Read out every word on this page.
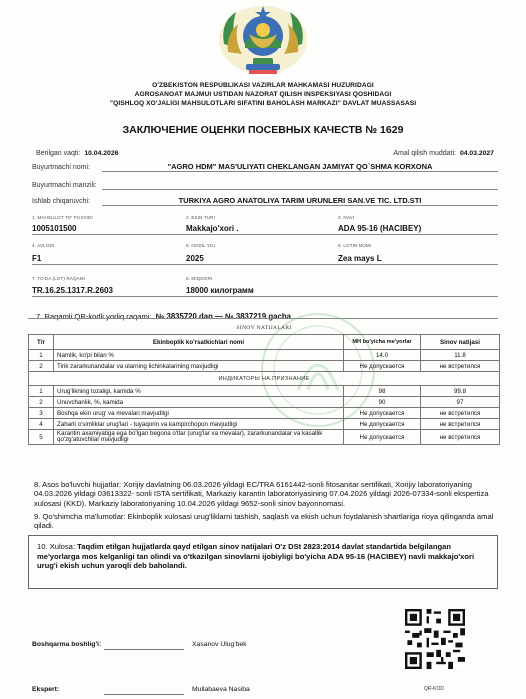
O'ZBEKISTON RESPUBLIKASI VAZIRLAR MAHKAMASI HUZURIDAGI
AGROSANOAT MAJMUI USTIDAN NAZORAT QILISH INSPEKSIYASI QOSHIDAGI
"QISHLOQ XO'JALIGI MAHSULOTLARI SIFATINI BAHOLASH MARKAZI" DAVLAT MUASSASASI
ЗАКЛЮЧЕНИЕ ОЦЕНКИ ПОСЕВНЫХ КАЧЕСТВ № 1629
Berilgan vaqti: 10.04.2026	Amal qilish muddati: 04.03.2027
Buyurtmachi nomi:	"AGRO HDM" MAS'ULIYATI CHEKLANGAN JAMIYAT QO`SHMA KORXONA
Buyurtmachi manzili:
Ishlab chiqaruvchi:	TURKIYA AGRO ANATOLIYA TARIM URUNLERI SAN.VE TIC. LTD.STI
1. MAHSULOT TIF TN KODI
1005101500
2. EKIN TURI
Makkajo'xori .
3. NAVI
ADA 95-16 (HACIBEY)
4. AVLODI
F1
5. HOSIL YILI
2025
6. LOTIN NOMI
Zea mays L
7. TO'DA (LOT) RAQAMI
TR.16.25.1317.R.2603
8. MIQDORI
18000 килограмм
7. Raqamli QR-kodli yorliq raqami: № 3835720 dan — № 3837219 gacha
SINOV NATIJALARI
T/r	Ekinboplik ko'rsatkichlari nomi	MH bo'yicha me'yorlar	Sinov natijasi
1	Namlik, ko'pi bilan %	14.0	11.8
2	Tirik zararkunandalar va ularning lichinkalarining mavjudligi	Не допускается	не встретился
ИНДИКАТОРЫ НА ПРИЗНАНИЕ			
1	Urug'likning tozaligi, kamida %	98	99.8
2	Unuvchanlik, %, kamida	90	97
3	Boshqa ekin urug' va mevalari mavjudligi	Не допускается	не встретился
4	Zaharli o'simliklar urug'lari - tuyaqorin va kampirchopon mavjudligi	Не допускается	не встретился
5	Karantin axamiyatiga ega bo'lgan begona o'tlar (urug'lar va mevalar), zararkunandalar va kasallik qo'zg'atuvchilar mavjudligi	Не допускается	не встретился
8. Asos bo'luvchi hujjatlar: Xorijiy davlatning 06.03.2026 yildagi EC/TRA 6161442-sonli fitosanitar sertifikati, Xorijiy laboratoriyaning 04.03.2026 yildagi 03613322- sonli ISTA sertifikati, Markaziy karantin laboratoriyasining 07.04.2026 yildagi 2026-07334-sonli ekspertiza xulosasi (KKD). Markaziy laboratoriyaning 10.04.2026 yildagi 9652-sonli sinov bayonnomasi.
9. Qo'shimcha ma'lumotlar: Ekinboplik xulosasi urug'liklarni tashish, saqlash va ekish uchun foydalanish shartlariga rioya qilinganda amal qiladi.
10. Xulosa: Taqdim etilgan hujjatlarda qayd etilgan sinov natijalari O'z DSt 2823:2014 davlat standartida belgilangan me'yorlarga mos kelganligi tan olindi va o'tkazilgan sinovlarni ijobiyligi bo'yicha ADA 95-16 (HACIBEY) navli makkajo'xori urug'i ekish uchun yaroqli deb baholandi.
QR-KOD
Boshqarma boshlig'i:	Xasanov Ulug'bek
Ekspert:	Mullabaeva Nasiba
